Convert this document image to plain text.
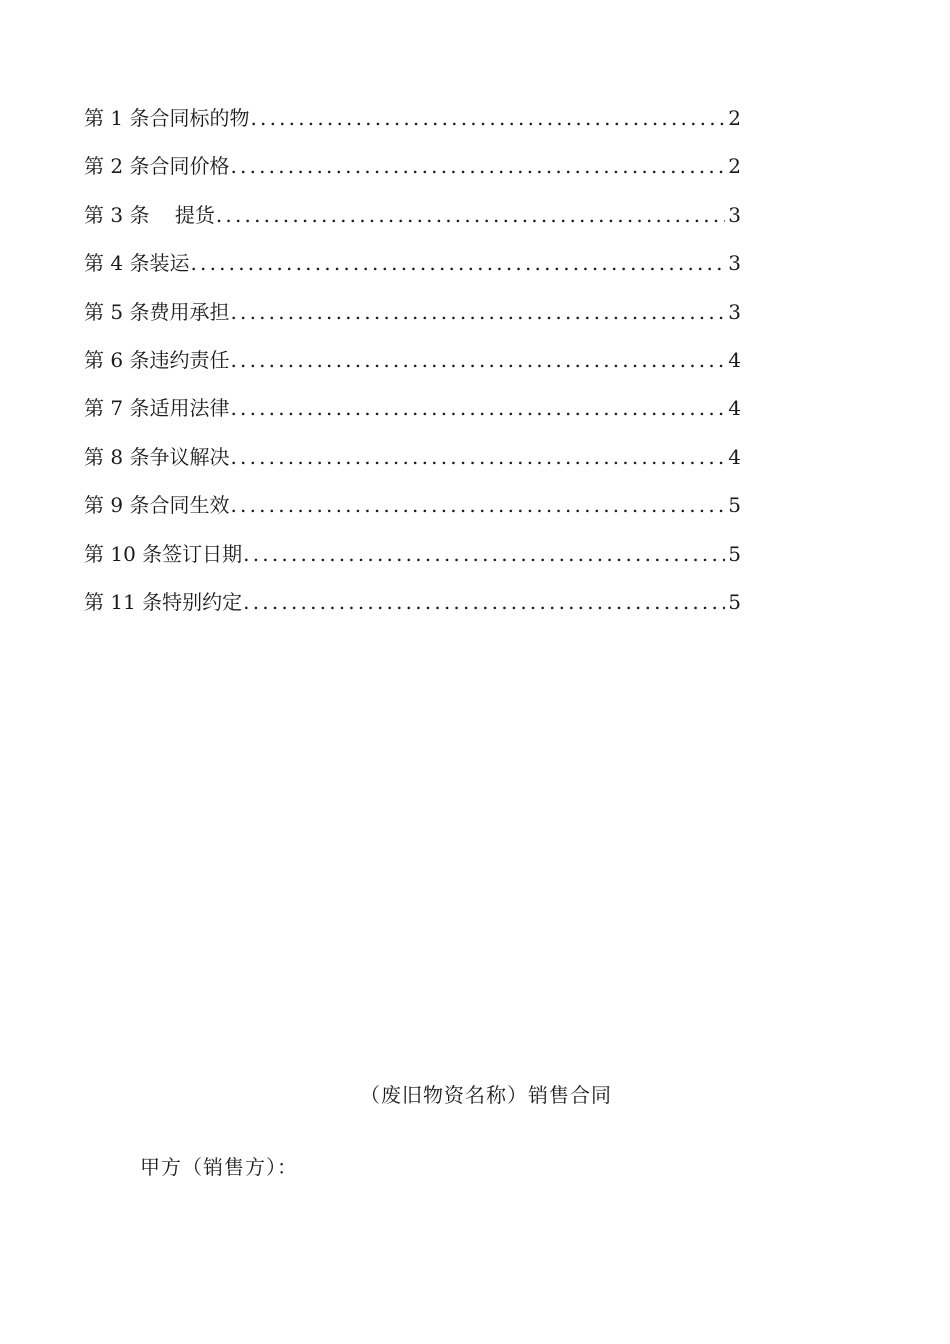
第 1 条合同标的物 .....	2
第 2 条合同价格 .....	2
第 3 条    提货 .....	3
第 4 条装运 .....	3
第 5 条费用承担 .....	3
第 6 条违约责任 .....	4
第 7 条适用法律 .....	4
第 8 条争议解决 .....	4
第 9 条合同生效 .....	5
第 10 条签订日期 .....	5
第 11 条特别约定 .....	5
（废旧物资名称）销售合同
甲方（销售方）：
